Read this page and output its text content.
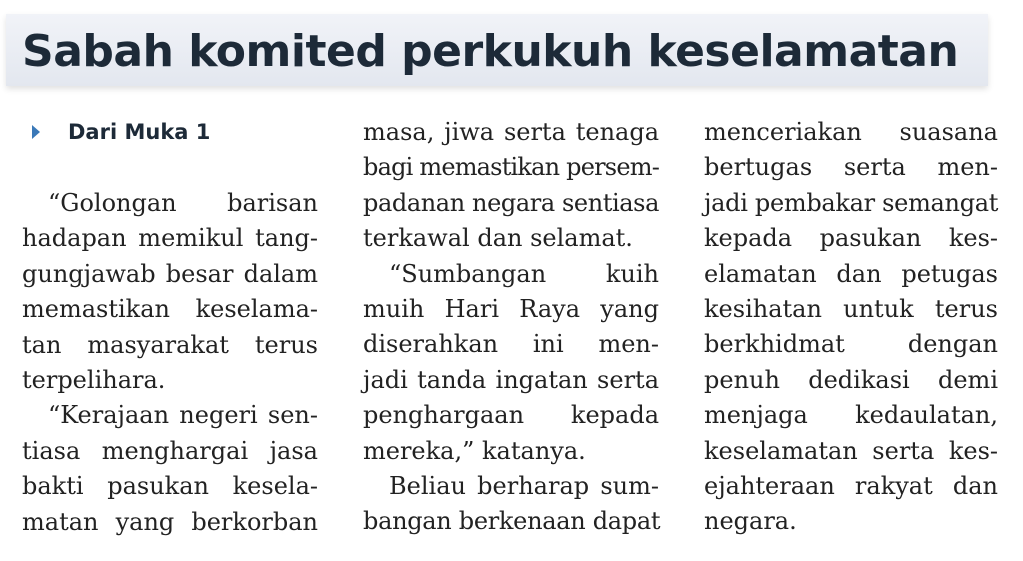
Sabah komited perkukuh keselamatan
Dari Muka 1
“Golongan barisan
hadapan memikul tang-
gungjawab besar dalam
memastikan keselama-
tan masyarakat terus
terpelihara.
“Kerajaan negeri sen-
tiasa menghargai jasa
bakti pasukan kesela-
matan yang berkorban
masa, jiwa serta tenaga
bagi memastikan persem-
padanan negara sentiasa
terkawal dan selamat.
“Sumbangan kuih
muih Hari Raya yang
diserahkan ini men-
jadi tanda ingatan serta
penghargaan kepada
mereka,” katanya.
Beliau berharap sum-
bangan berkenaan dapat
menceriakan suasana
bertugas serta men-
jadi pembakar semangat
kepada pasukan kes-
elamatan dan petugas
kesihatan untuk terus
berkhidmat dengan
penuh dedikasi demi
menjaga kedaulatan,
keselamatan serta kes-
ejahteraan rakyat dan
negara.
